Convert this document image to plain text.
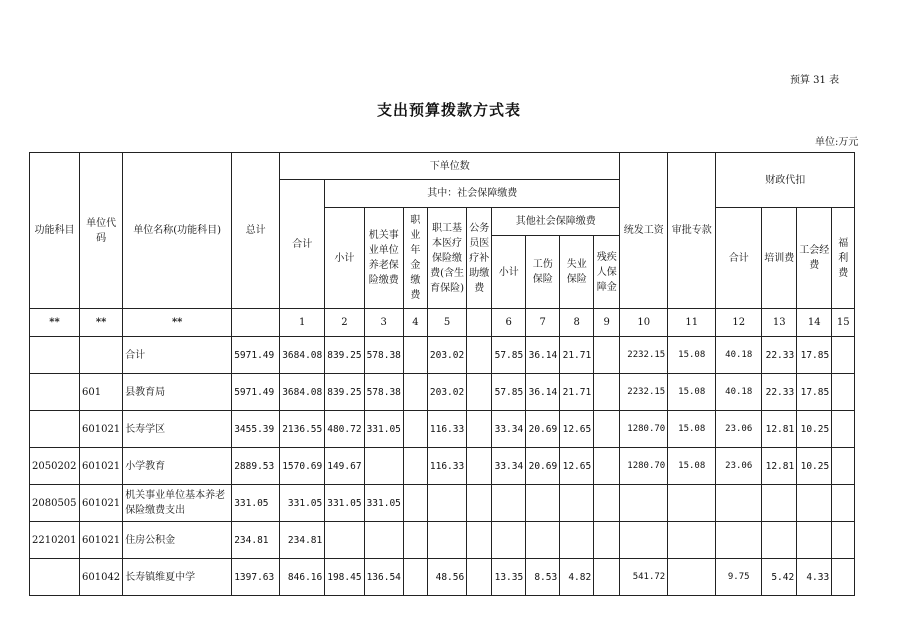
预算 31 表
支出预算拨款方式表
单位:万元
功能科目	单位代码	单位名称(功能科目)	总计	下单位数										统发工资	审批专款	财政代扣			
				合计	其中：社会保障缴费														
					小计	机关事业单位养老保险缴费	职业年金缴费	职工基本医疗保险缴费(含生育保险)	公务员医疗补助缴费	其他社会保障缴费						合计	培训费	工会经费	福利费
										小计	工伤保险	失业保险	残疾人保障金						
**	**	**		1	2	3	4	5		6	7	8	9	10	11	12	13	14	15
		合计	5971.49	3684.08	839.25	578.38		203.02		57.85	36.14	21.71		2232.15	15.08	40.18	22.33	17.85	
	601	县教育局	5971.49	3684.08	839.25	578.38		203.02		57.85	36.14	21.71		2232.15	15.08	40.18	22.33	17.85	
	601021	长寿学区	3455.39	2136.55	480.72	331.05		116.33		33.34	20.69	12.65		1280.70	15.08	23.06	12.81	10.25	
2050202	601021	小学教育	2889.53	1570.69	149.67			116.33		33.34	20.69	12.65		1280.70	15.08	23.06	12.81	10.25	
2080505	601021	机关事业单位基本养老保险缴费支出	331.05	331.05	331.05	331.05													
2210201	601021	住房公积金	234.81	234.81															
	601042	长寿镇维夏中学	1397.63	846.16	198.45	136.54		48.56		13.35	8.53	4.82		541.72		9.75	5.42	4.33	
